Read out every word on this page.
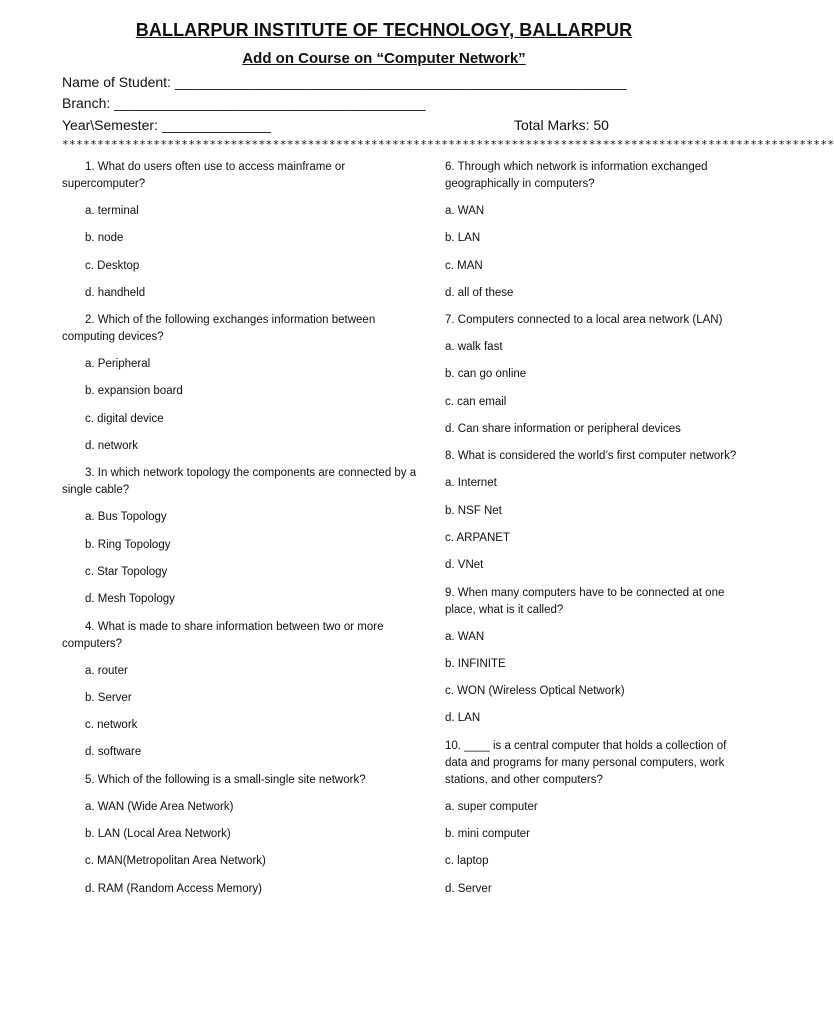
BALLARPUR INSTITUTE OF TECHNOLOGY, BALLARPUR
Add on Course on “Computer Network”
Name of Student: __________________________________________________________
Branch: ________________________________________
Year\Semester: ______________	Total Marks: 50
**************************************************************************************************************
1. What do users often use to access mainframe or supercomputer?
a. terminal
b. node
c. Desktop
d. handheld
2. Which of the following exchanges information between computing devices?
a. Peripheral
b. expansion board
c. digital device
d. network
3. In which network topology the components are connected by a single cable?
a. Bus Topology
b. Ring Topology
c. Star Topology
d. Mesh Topology
4. What is made to share information between two or more computers?
a. router
b. Server
c. network
d. software
5. Which of the following is a small-single site network?
a. WAN (Wide Area Network)
b. LAN (Local Area Network)
c. MAN(Metropolitan Area Network)
d. RAM (Random Access Memory)
6. Through which network is information exchanged geographically in computers?
a. WAN
b. LAN
c. MAN
d. all of these
7. Computers connected to a local area network (LAN)
a. walk fast
b. can go online
c. can email
d. Can share information or peripheral devices
8. What is considered the world’s first computer network?
a. Internet
b. NSF Net
c. ARPANET
d. VNet
9. When many computers have to be connected at one place, what is it called?
a. WAN
b. INFINITE
c. WON (Wireless Optical Network)
d. LAN
10. ____ is a central computer that holds a collection of data and programs for many personal computers, work stations, and other computers?
a. super computer
b. mini computer
c. laptop
d. Server
